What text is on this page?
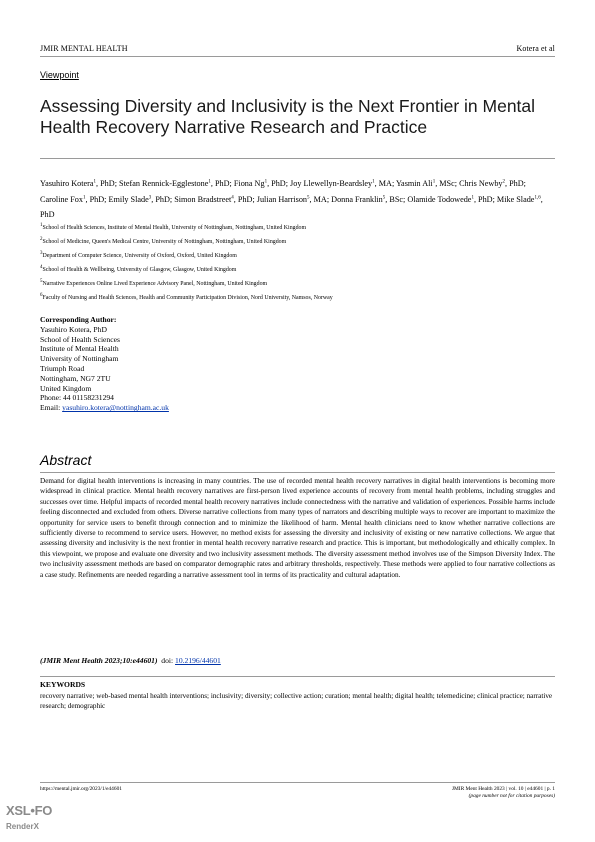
JMIR MENTAL HEALTH	Kotera et al
Viewpoint
Assessing Diversity and Inclusivity is the Next Frontier in Mental Health Recovery Narrative Research and Practice
Yasuhiro Kotera$^1$, PhD; Stefan Rennick-Egglestone$^1$, PhD; Fiona Ng$^1$, PhD; Joy Llewellyn-Beardsley$^1$, MA; Yasmin Ali$^1$, MSc; Chris Newby$^2$, PhD; Caroline Fox$^1$, PhD; Emily Slade$^3$, PhD; Simon Bradstreet$^4$, PhD; Julian Harrison$^5$, MA; Donna Franklin$^5$, BSc; Olamide Todowede$^1$, PhD; Mike Slade$^{1,6}$, PhD
$^1$School of Health Sciences, Institute of Mental Health, University of Nottingham, Nottingham, United Kingdom
$^2$School of Medicine, Queen's Medical Centre, University of Nottingham, Nottingham, United Kingdom
$^3$Department of Computer Science, University of Oxford, Oxford, United Kingdom
$^4$School of Health & Wellbeing, University of Glasgow, Glasgow, United Kingdom
$^5$Narrative Experiences Online Lived Experience Advisory Panel, Nottingham, United Kingdom
$^6$Faculty of Nursing and Health Sciences, Health and Community Participation Division, Nord University, Namsos, Norway
Corresponding Author:
Yasuhiro Kotera, PhD
School of Health Sciences
Institute of Mental Health
University of Nottingham
Triumph Road
Nottingham, NG7 2TU
United Kingdom
Phone: 44 01158231294
Email: yasuhiro.kotera@nottingham.ac.uk
Abstract
Demand for digital health interventions is increasing in many countries. The use of recorded mental health recovery narratives in digital health interventions is becoming more widespread in clinical practice. Mental health recovery narratives are first-person lived experience accounts of recovery from mental health problems, including struggles and successes over time. Helpful impacts of recorded mental health recovery narratives include connectedness with the narrative and validation of experiences. Possible harms include feeling disconnected and excluded from others. Diverse narrative collections from many types of narrators and describing multiple ways to recover are important to maximize the opportunity for service users to benefit through connection and to minimize the likelihood of harm. Mental health clinicians need to know whether narrative collections are sufficiently diverse to recommend to service users. However, no method exists for assessing the diversity and inclusivity of existing or new narrative collections. We argue that assessing diversity and inclusivity is the next frontier in mental health recovery narrative research and practice. This is important, but methodologically and ethically complex. In this viewpoint, we propose and evaluate one diversity and two inclusivity assessment methods. The diversity assessment method involves use of the Simpson Diversity Index. The two inclusivity assessment methods are based on comparator demographic rates and arbitrary thresholds, respectively. These methods were applied to four narrative collections as a case study. Refinements are needed regarding a narrative assessment tool in terms of its practicality and cultural adaptation.
(JMIR Ment Health 2023;10:e44601) doi: 10.2196/44601
KEYWORDS
recovery narrative; web-based mental health interventions; inclusivity; diversity; collective action; curation; mental health; digital health; telemedicine; clinical practice; narrative research; demographic
https://mental.jmir.org/2023/1/e44601	JMIR Ment Health 2023 | vol. 10 | e44601 | p. 1
(page number not for citation purposes)
XSL•FO
RenderX
